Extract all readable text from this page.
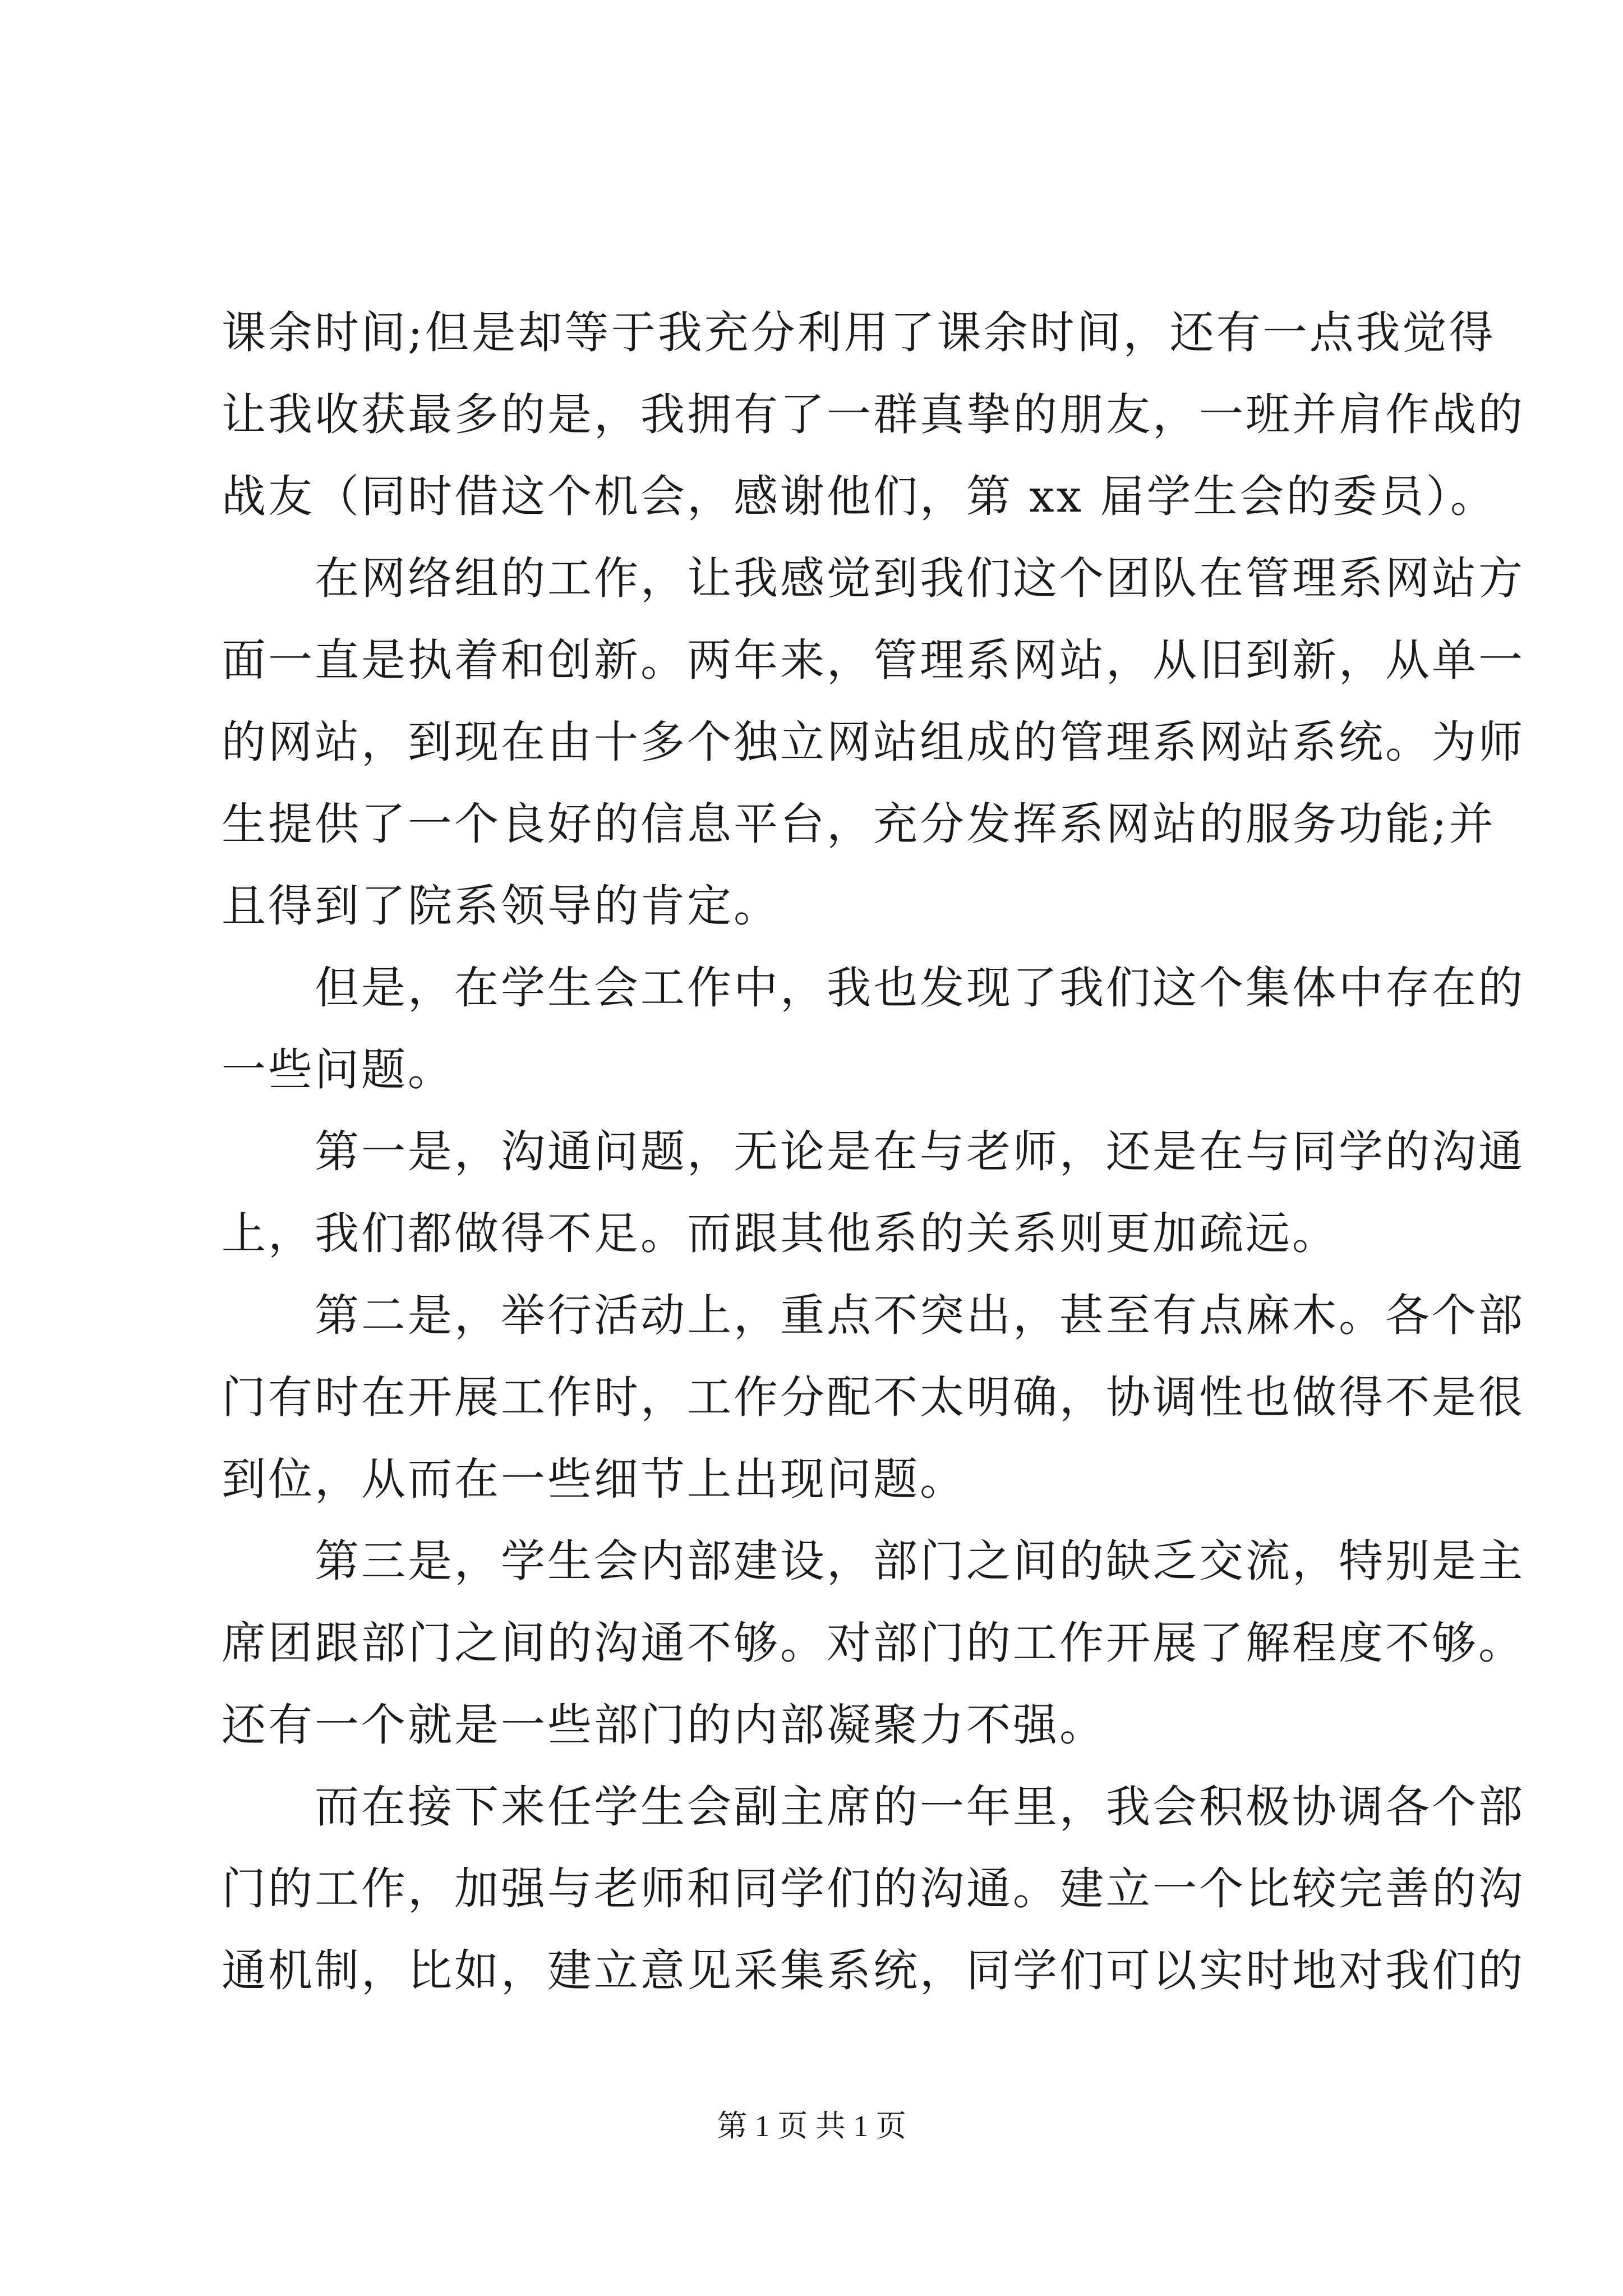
课余时间;但是却等于我充分利用了课余时间，还有一点我觉得
让我收获最多的是，我拥有了一群真挚的朋友，一班并肩作战的
战友（同时借这个机会，感谢他们，第 xx 届学生会的委员）。
　　在网络组的工作，让我感觉到我们这个团队在管理系网站方
面一直是执着和创新。两年来，管理系网站，从旧到新，从单一
的网站，到现在由十多个独立网站组成的管理系网站系统。为师
生提供了一个良好的信息平台，充分发挥系网站的服务功能;并
且得到了院系领导的肯定。
　　但是，在学生会工作中，我也发现了我们这个集体中存在的
一些问题。
　　第一是，沟通问题，无论是在与老师，还是在与同学的沟通
上，我们都做得不足。而跟其他系的关系则更加疏远。
　　第二是，举行活动上，重点不突出，甚至有点麻木。各个部
门有时在开展工作时，工作分配不太明确，协调性也做得不是很
到位，从而在一些细节上出现问题。
　　第三是，学生会内部建设，部门之间的缺乏交流，特别是主
席团跟部门之间的沟通不够。对部门的工作开展了解程度不够。
还有一个就是一些部门的内部凝聚力不强。
　　而在接下来任学生会副主席的一年里，我会积极协调各个部
门的工作，加强与老师和同学们的沟通。建立一个比较完善的沟
通机制，比如，建立意见采集系统，同学们可以实时地对我们的
第 1 页 共 1 页
